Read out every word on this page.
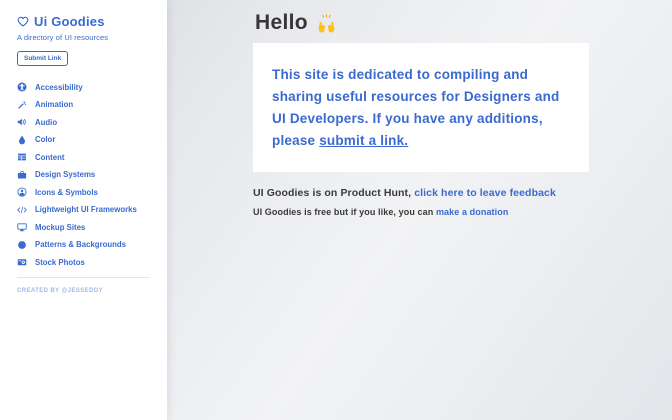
Ui Goodies
A directory of UI resources
Submit Link
Accessibility
Animation
Audio
Color
Content
Design Systems
Icons & Symbols
Lightweight UI Frameworks
Mockup Sites
Patterns & Backgrounds
Stock Photos
CREATED BY @JESSEDDY
Hello

This site is dedicated to compiling and sharing useful resources for Designers and UI Developers. If you have any additions, please submit a link.

UI Goodies is on Product Hunt, click here to leave feedback
UI Goodies is free but if you like, you can make a donation
